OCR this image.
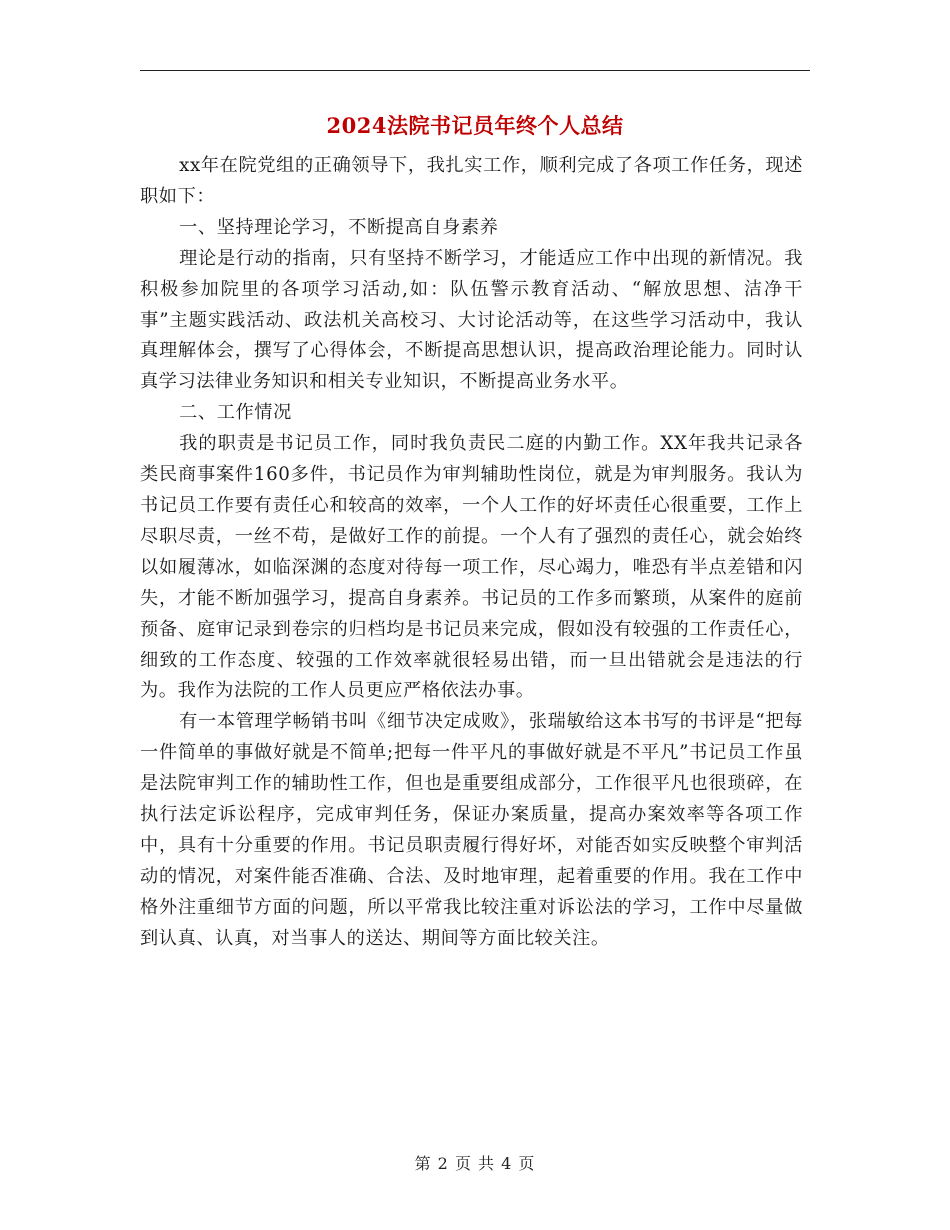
2024法院书记员年终个人总结

xx年在院党组的正确领导下，我扎实工作，顺利完成了各项工作任务，现述职如下：

一、坚持理论学习，不断提高自身素养

理论是行动的指南，只有坚持不断学习，才能适应工作中出现的新情况。我积极参加院里的各项学习活动,如：队伍警示教育活动、“解放思想、洁净干事”主题实践活动、政法机关高校习、大讨论活动等，在这些学习活动中，我认真理解体会，撰写了心得体会，不断提高思想认识，提高政治理论能力。同时认真学习法律业务知识和相关专业知识，不断提高业务水平。

二、工作情况

我的职责是书记员工作，同时我负责民二庭的内勤工作。XX年我共记录各类民商事案件160多件，书记员作为审判辅助性岗位，就是为审判服务。我认为书记员工作要有责任心和较高的效率，一个人工作的好坏责任心很重要，工作上尽职尽责，一丝不苟，是做好工作的前提。一个人有了强烈的责任心，就会始终以如履薄冰，如临深渊的态度对待每一项工作，尽心竭力，唯恐有半点差错和闪失，才能不断加强学习，提高自身素养。书记员的工作多而繁琐，从案件的庭前预备、庭审记录到卷宗的归档均是书记员来完成，假如没有较强的工作责任心，细致的工作态度、较强的工作效率就很轻易出错，而一旦出错就会是违法的行为。我作为法院的工作人员更应严格依法办事。

有一本管理学畅销书叫《细节决定成败》，张瑞敏给这本书写的书评是“把每一件简单的事做好就是不简单;把每一件平凡的事做好就是不平凡”书记员工作虽是法院审判工作的辅助性工作，但也是重要组成部分，工作很平凡也很琐碎，在执行法定诉讼程序，完成审判任务，保证办案质量，提高办案效率等各项工作中，具有十分重要的作用。书记员职责履行得好坏，对能否如实反映整个审判活动的情况，对案件能否准确、合法、及时地审理，起着重要的作用。我在工作中格外注重细节方面的问题，所以平常我比较注重对诉讼法的学习，工作中尽量做到认真、认真，对当事人的送达、期间等方面比较关注。

第 2 页 共 4 页
